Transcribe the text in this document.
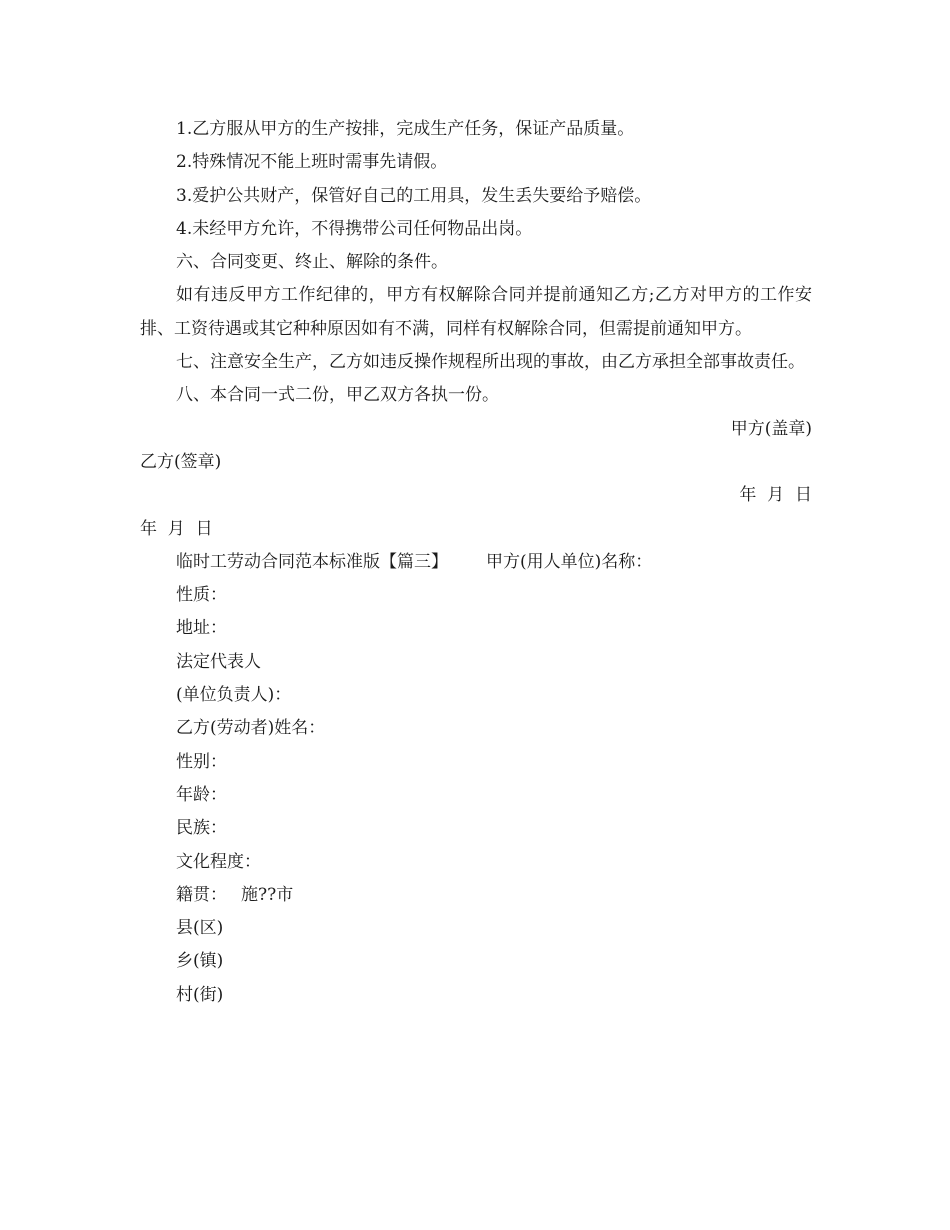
1.乙方服从甲方的生产按排，完成生产任务，保证产品质量。

2.特殊情况不能上班时需事先请假。

3.爱护公共财产，保管好自己的工用具，发生丢失要给予赔偿。

4.未经甲方允许，不得携带公司任何物品出岗。

六、合同变更、终止、解除的条件。

如有违反甲方工作纪律的，甲方有权解除合同并提前通知乙方;乙方对甲方的工作安排、工资待遇或其它种种原因如有不满，同样有权解除合同，但需提前通知甲方。

七、注意安全生产，乙方如违反操作规程所出现的事故，由乙方承担全部事故责任。

八、本合同一式二份，甲乙双方各执一份。

甲方(盖章)

乙方(签章)

年  月  日

年  月  日

临时工劳动合同范本标准版【篇三】 甲方(用人单位)名称：

性质：

地址：

法定代表人

(单位负责人)：

乙方(劳动者)姓名：

性别：

年龄：

民族：

文化程度：

籍贯： 施??市

县(区)

乡(镇)

村(街)
